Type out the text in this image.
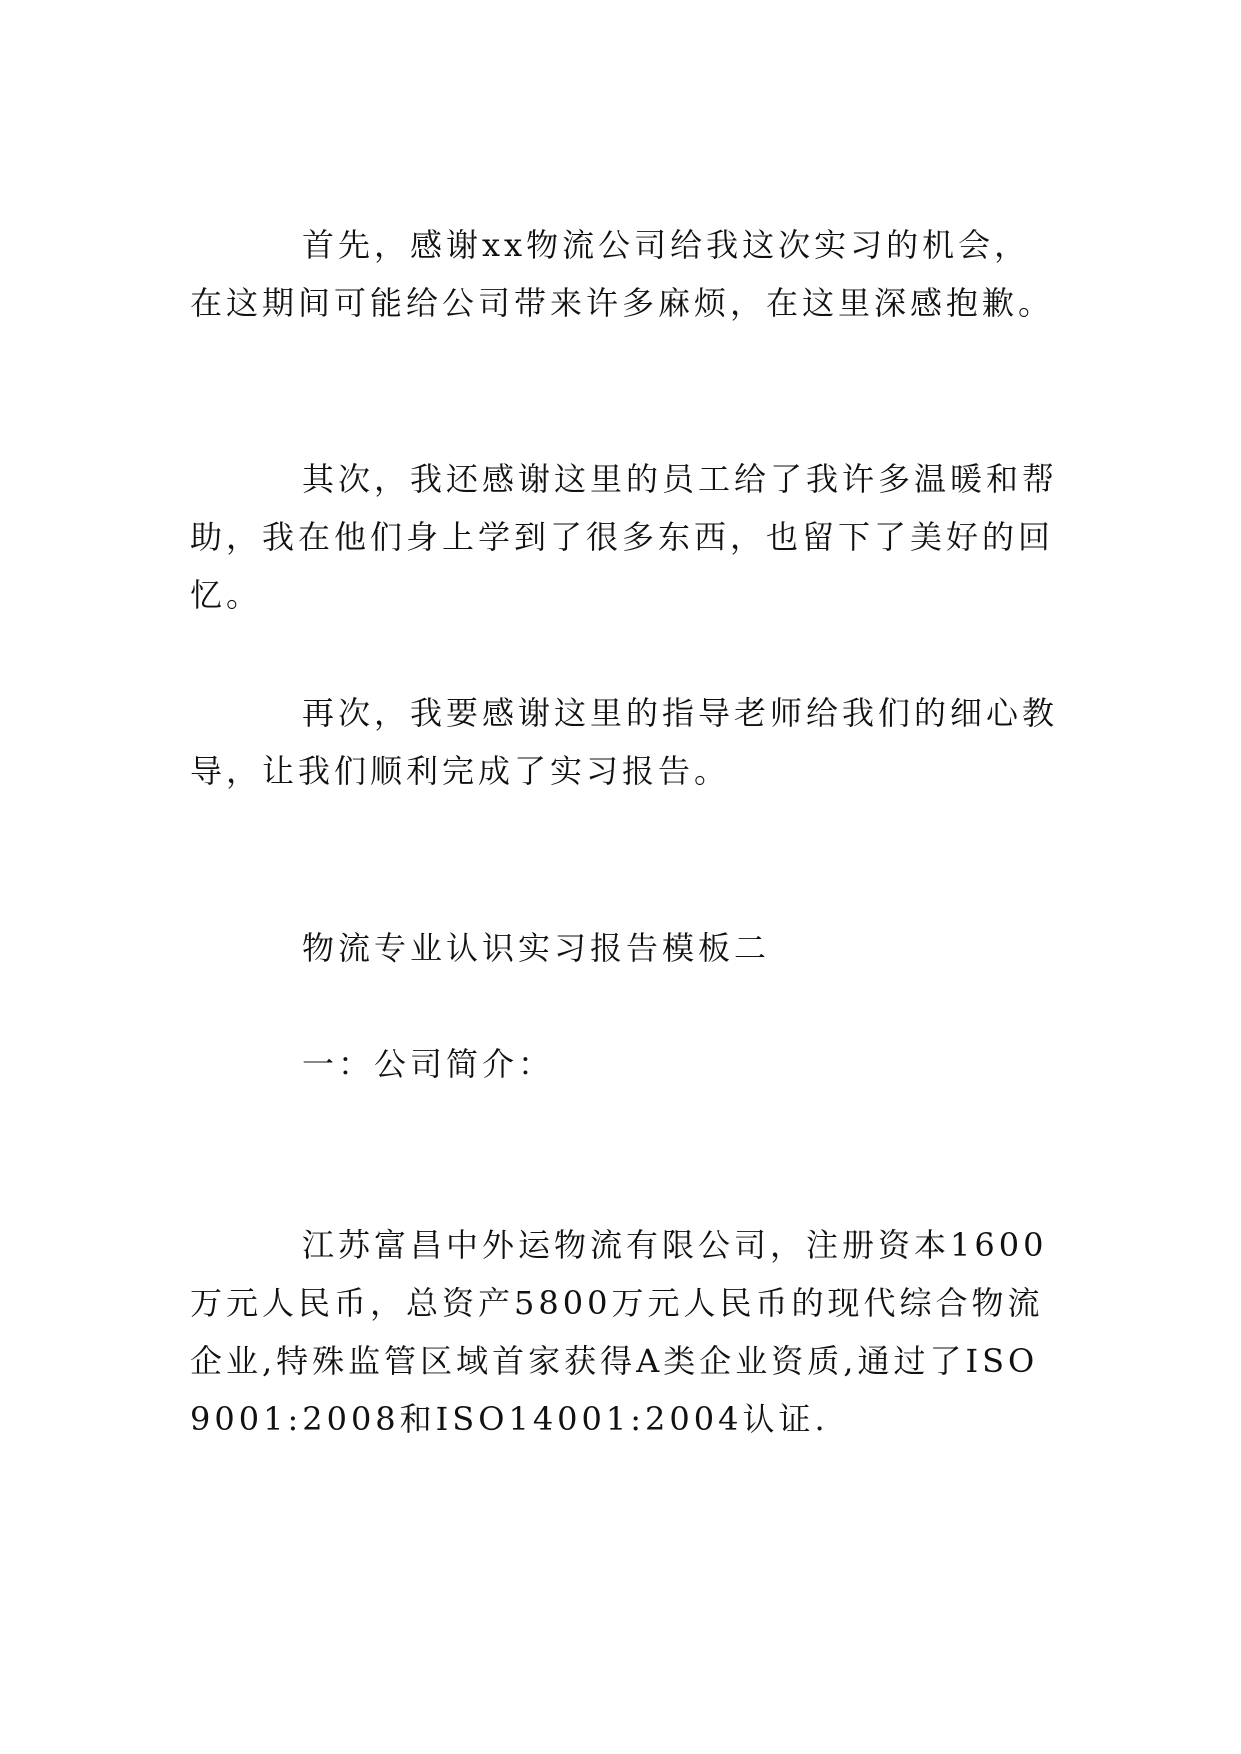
首先，感谢xx物流公司给我这次实习的机会，在这期间可能给公司带来许多麻烦，在这里深感抱歉。

其次，我还感谢这里的员工给了我许多温暖和帮助，我在他们身上学到了很多东西，也留下了美好的回忆。

再次，我要感谢这里的指导老师给我们的细心教导，让我们顺利完成了实习报告。

物流专业认识实习报告模板二

一：公司简介：

江苏富昌中外运物流有限公司，注册资本1600万元人民币，总资产5800万元人民币的现代综合物流企业,特殊监管区域首家获得A类企业资质,通过了ISO9001:2008和ISO14001:2004认证.
